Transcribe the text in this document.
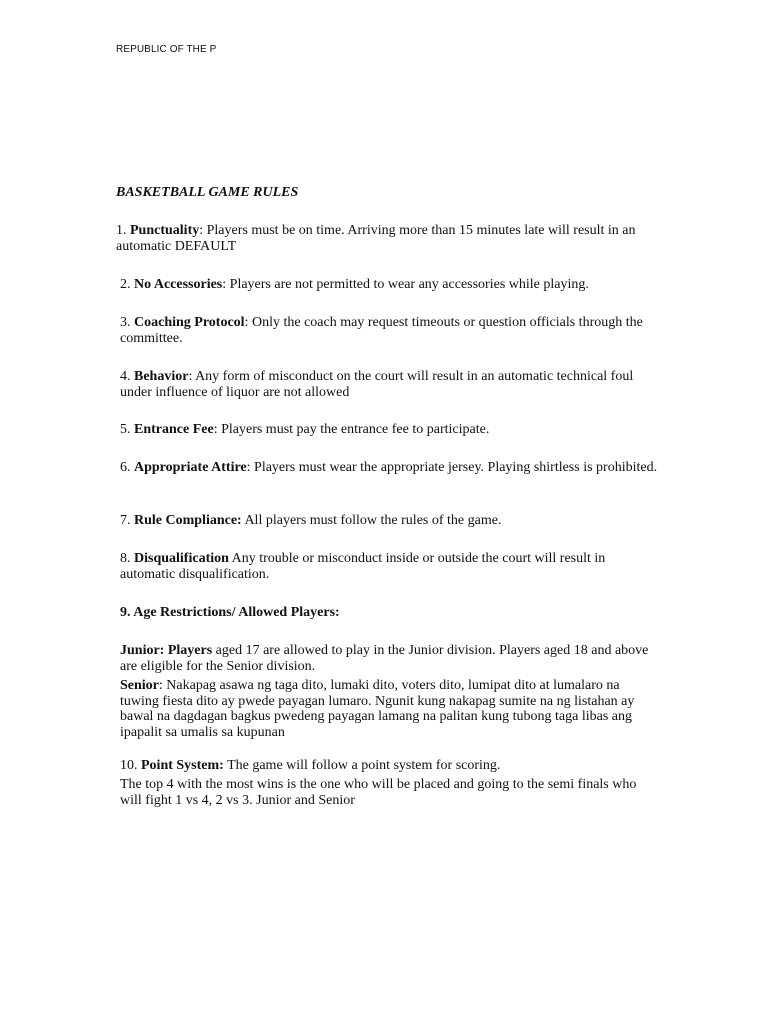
REPUBLIC OF THE P
BASKETBALL GAME RULES

1. Punctuality: Players must be on time. Arriving more than 15 minutes late will result in an automatic DEFAULT

2. No Accessories: Players are not permitted to wear any accessories while playing.

3. Coaching Protocol: Only the coach may request timeouts or question officials through the committee.

4. Behavior: Any form of misconduct on the court will result in an automatic technical foul under influence of liquor are not allowed

5. Entrance Fee: Players must pay the entrance fee to participate.

6. Appropriate Attire: Players must wear the appropriate jersey. Playing shirtless is prohibited.

7. Rule Compliance: All players must follow the rules of the game.

8. Disqualification Any trouble or misconduct inside or outside the court will result in automatic disqualification.

9. Age Restrictions/ Allowed Players:

Junior: Players aged 17 are allowed to play in the Junior division. Players aged 18 and above are eligible for the Senior division.

Senior: Nakapag asawa ng taga dito, lumaki dito, voters dito, lumipat dito at lumalaro na tuwing fiesta dito ay pwede payagan lumaro. Ngunit kung nakapag sumite na ng listahan ay bawal na dagdagan bagkus pwedeng payagan lamang na palitan kung tubong taga libas ang ipapalit sa umalis sa kupunan

10. Point System: The game will follow a point system for scoring.

The top 4 with the most wins is the one who will be placed and going to the semi finals who will fight 1 vs 4, 2 vs 3. Junior and Senior
